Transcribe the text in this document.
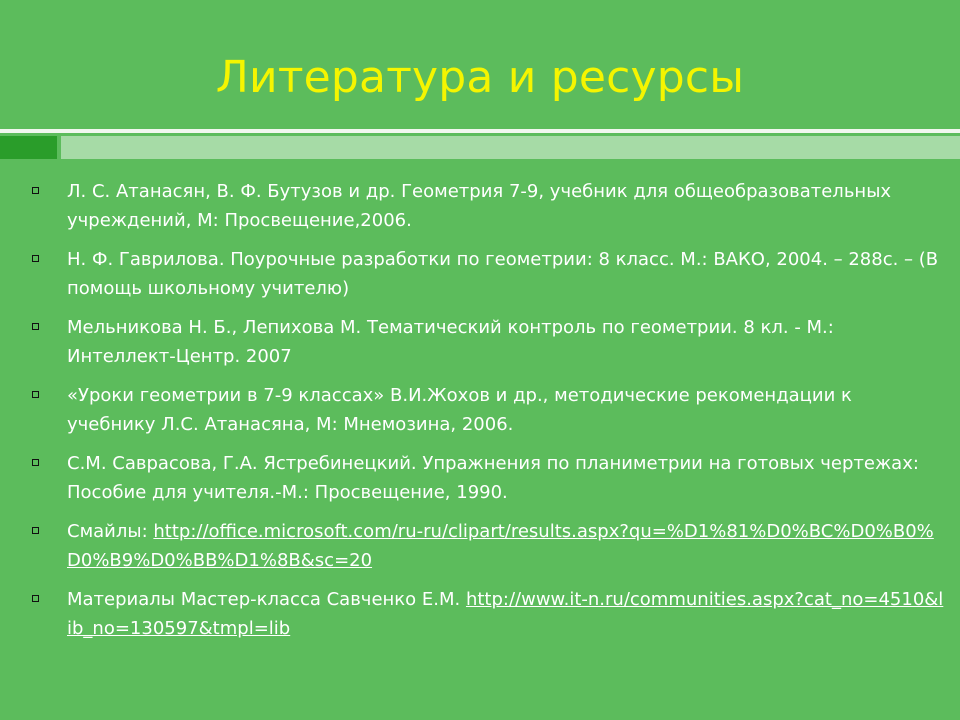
Литература и ресурсы
Л. С. Атанасян, В. Ф. Бутузов и др. Геометрия 7-9, учебник для общеобразовательных учреждений, М: Просвещение,2006.
Н. Ф. Гаврилова. Поурочные разработки по геометрии: 8 класс. М.: ВАКО, 2004. – 288с. – (В помощь школьному учителю)
Мельникова Н. Б., Лепихова М. Тематический контроль по геометрии. 8 кл. - М.: Интеллект-Центр. 2007
«Уроки геометрии в 7-9 классах» В.И.Жохов и др., методические рекомендации к учебнику Л.С. Атанасяна, М: Мнемозина, 2006.
С.М. Саврасова, Г.А. Ястребинецкий. Упражнения по планиметрии на готовых чертежах: Пособие для учителя.-М.: Просвещение, 1990.
Смайлы: http://office.microsoft.com/ru-ru/clipart/results.aspx?qu=%D1%81%D0%BC%D0%B0%D0%B9%D0%BB%D1%8B&sc=20
Материалы Мастер-класса Савченко Е.М. http://www.it-n.ru/communities.aspx?cat_no=4510&lib_no=130597&tmpl=lib
